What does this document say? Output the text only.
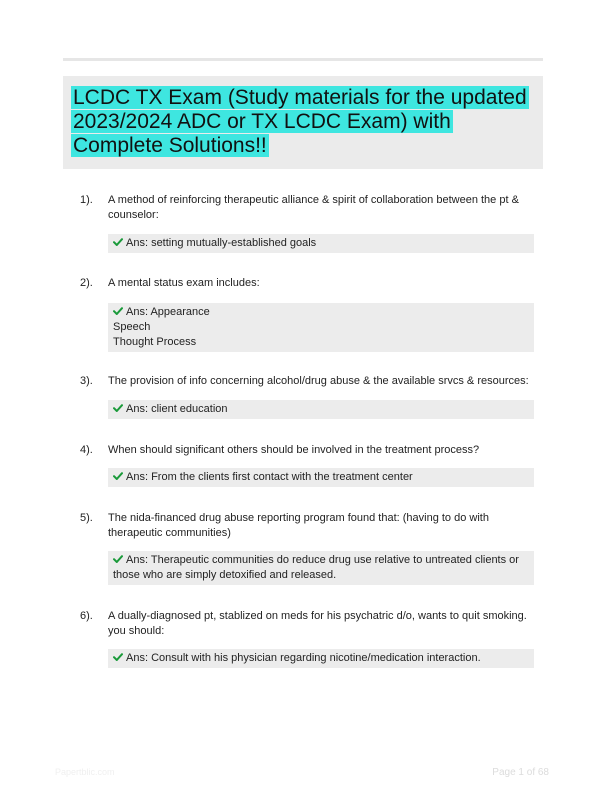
LCDC TX Exam (Study materials for the updated 2023/2024 ADC or TX LCDC Exam) with Complete Solutions!!
1). A method of reinforcing therapeutic alliance & spirit of collaboration between the pt & counselor:
Ans: setting mutually-established goals
2). A mental status exam includes:
Ans: Appearance
Speech
Thought Process
3). The provision of info concerning alcohol/drug abuse & the available srvcs & resources:
Ans: client education
4). When should significant others should be involved in the treatment process?
Ans: From the clients first contact with the treatment center
5). The nida-financed drug abuse reporting program found that: (having to do with therapeutic communities)
Ans: Therapeutic communities do reduce drug use relative to untreated clients or those who are simply detoxified and released.
6). A dually-diagnosed pt, stablized on meds for his psychatric d/o, wants to quit smoking. you should:
Ans: Consult with his physician regarding nicotine/medication interaction.
Papertblic.com	Page 1 of 68
